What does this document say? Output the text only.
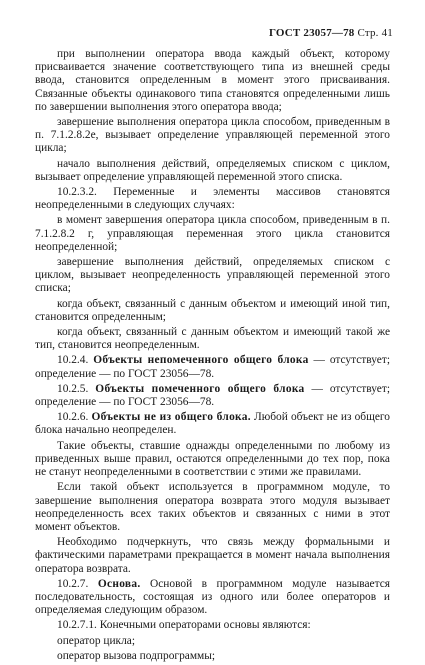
ГОСТ 23057—78 Стр. 41

при выполнении оператора ввода каждый объект, которому присваивается значение соответствующего типа из внешней среды ввода, становится определенным в момент этого присваивания. Связанные объекты одинакового типа становятся определенными лишь по завершении выполнения этого оператора ввода;

завершение выполнения оператора цикла способом, приведенным в п. 7.1.2.8.2е, вызывает определение управляющей переменной этого цикла;

начало выполнения действий, определяемых списком с циклом, вызывает определение управляющей переменной этого списка.

10.2.3.2. Переменные и элементы массивов становятся неопределенными в следующих случаях:

в момент завершения оператора цикла способом, приведенным в п. 7.1.2.8.2 г, управляющая переменная этого цикла становится неопределенной;

завершение выполнения действий, определяемых списком с циклом, вызывает неопределенность управляющей переменной этого списка;

когда объект, связанный с данным объектом и имеющий иной тип, становится определенным;

когда объект, связанный с данным объектом и имеющий такой же тип, становится неопределенным.

10.2.4. Объекты непомеченного общего блока — отсутствует; определение — по ГОСТ 23056—78.

10.2.5. Объекты помеченного общего блока — отсутствует; определение — по ГОСТ 23056—78.

10.2.6. Объекты не из общего блока. Любой объект не из общего блока начально неопределен.

Такие объекты, ставшие однажды определенными по любому из приведенных выше правил, остаются определенными до тех пор, пока не станут неопределенными в соответствии с этими же правилами.

Если такой объект используется в программном модуле, то завершение выполнения оператора возврата этого модуля вызывает неопределенность всех таких объектов и связанных с ними в этот момент объектов.

Необходимо подчеркнуть, что связь между формальными и фактическими параметрами прекращается в момент начала выполнения оператора возврата.

10.2.7. Основа. Основой в программном модуле называется последовательность, состоящая из одного или более операторов и определяемая следующим образом.

10.2.7.1. Конечными операторами основы являются:

оператор цикла;

оператор вызова подпрограммы;
